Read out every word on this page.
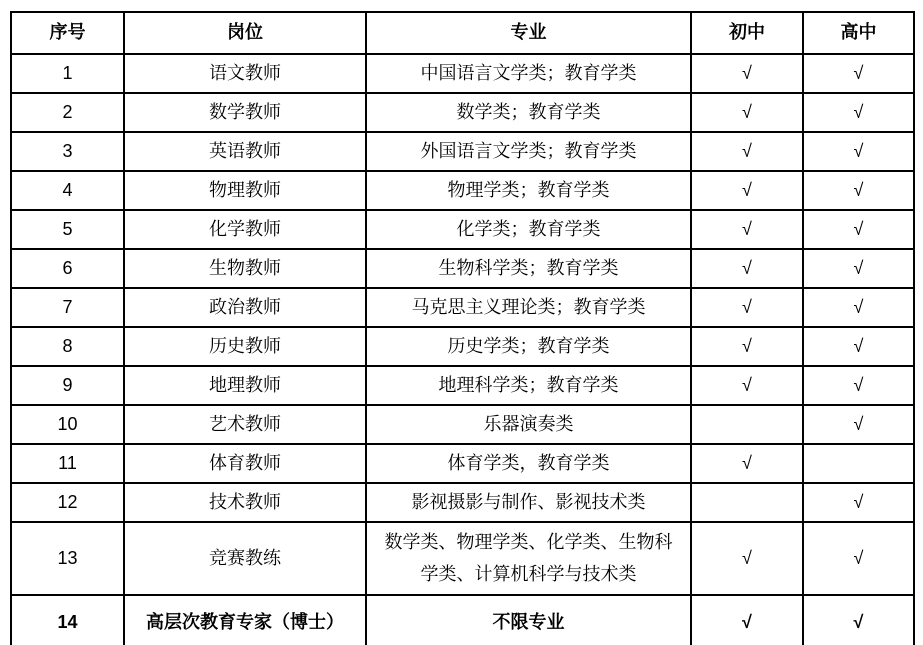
序号	岗位	专业	初中	高中
1	语文教师	中国语言文学类；教育学类	√	√
2	数学教师	数学类；教育学类	√	√
3	英语教师	外国语言文学类；教育学类	√	√
4	物理教师	物理学类；教育学类	√	√
5	化学教师	化学类；教育学类	√	√
6	生物教师	生物科学类；教育学类	√	√
7	政治教师	马克思主义理论类；教育学类	√	√
8	历史教师	历史学类；教育学类	√	√
9	地理教师	地理科学类；教育学类	√	√
10	艺术教师	乐器演奏类		√
11	体育教师	体育学类，教育学类	√	
12	技术教师	影视摄影与制作、影视技术类		√
13	竞赛教练	数学类、物理学类、化学类、生物科学类、计算机科学与技术类	√	√
14	高层次教育专家（博士）	不限专业	√	√
